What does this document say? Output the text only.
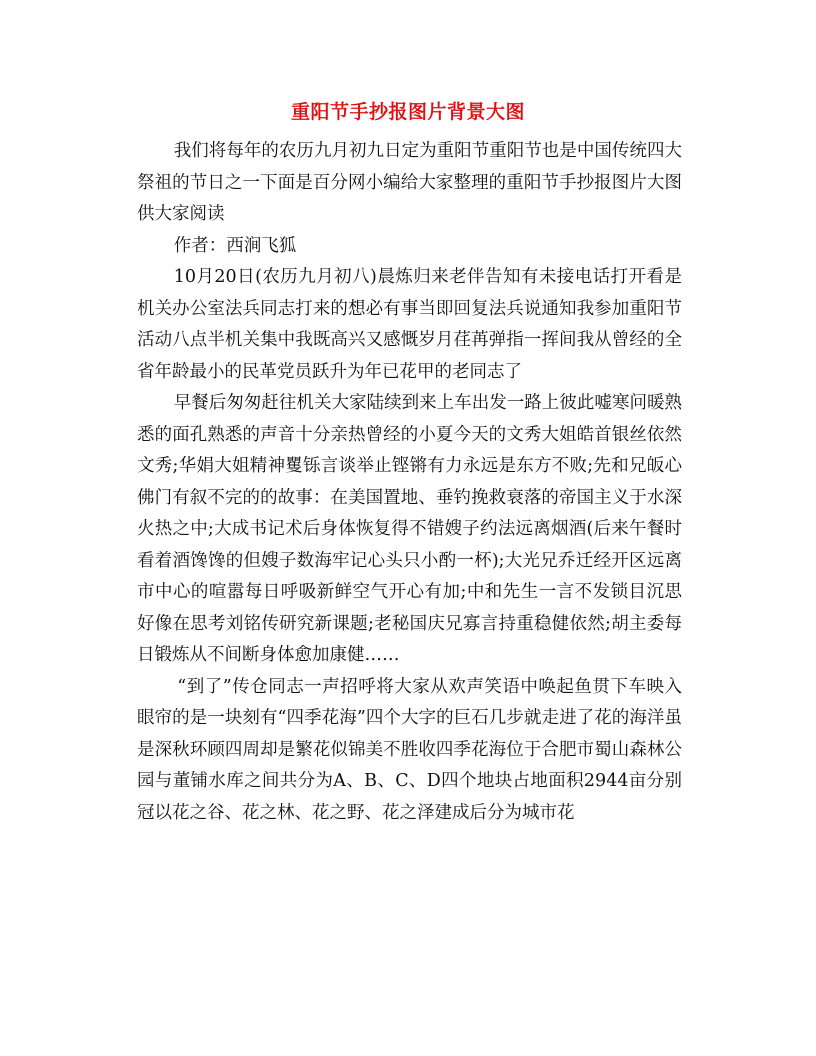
重阳节手抄报图片背景大图

我们将每年的农历九月初九日定为重阳节重阳节也是中国传统四大祭祖的节日之一下面是百分网小编给大家整理的重阳节手抄报图片大图供大家阅读

作者：西涧飞狐

10月20日(农历九月初八)晨炼归来老伴告知有未接电话打开看是机关办公室法兵同志打来的想必有事当即回复法兵说通知我参加重阳节活动八点半机关集中我既高兴又感慨岁月荏苒弹指一挥间我从曾经的全省年龄最小的民革党员跃升为年已花甲的老同志了

早餐后匆匆赶往机关大家陆续到来上车出发一路上彼此嘘寒问暖熟悉的面孔熟悉的声音十分亲热曾经的小夏今天的文秀大姐皓首银丝依然文秀;华娟大姐精神矍铄言谈举止铿锵有力永远是东方不败;先和兄皈心佛门有叙不完的的故事：在美国置地、垂钓挽救衰落的帝国主义于水深火热之中;大成书记术后身体恢复得不错嫂子约法远离烟酒(后来午餐时看着酒馋馋的但嫂子数海牢记心头只小酌一杯);大光兄乔迁经开区远离市中心的喧嚣每日呼吸新鲜空气开心有加;中和先生一言不发锁目沉思好像在思考刘铭传研究新课题;老秘国庆兄寡言持重稳健依然;胡主委每日锻炼从不间断身体愈加康健……

“到了”传仓同志一声招呼将大家从欢声笑语中唤起鱼贯下车映入眼帘的是一块刻有“四季花海”四个大字的巨石几步就走进了花的海洋虽是深秋环顾四周却是繁花似锦美不胜收四季花海位于合肥市蜀山森林公园与董铺水库之间共分为A、B、C、D四个地块占地面积2944亩分别冠以花之谷、花之林、花之野、花之泽建成后分为城市花
